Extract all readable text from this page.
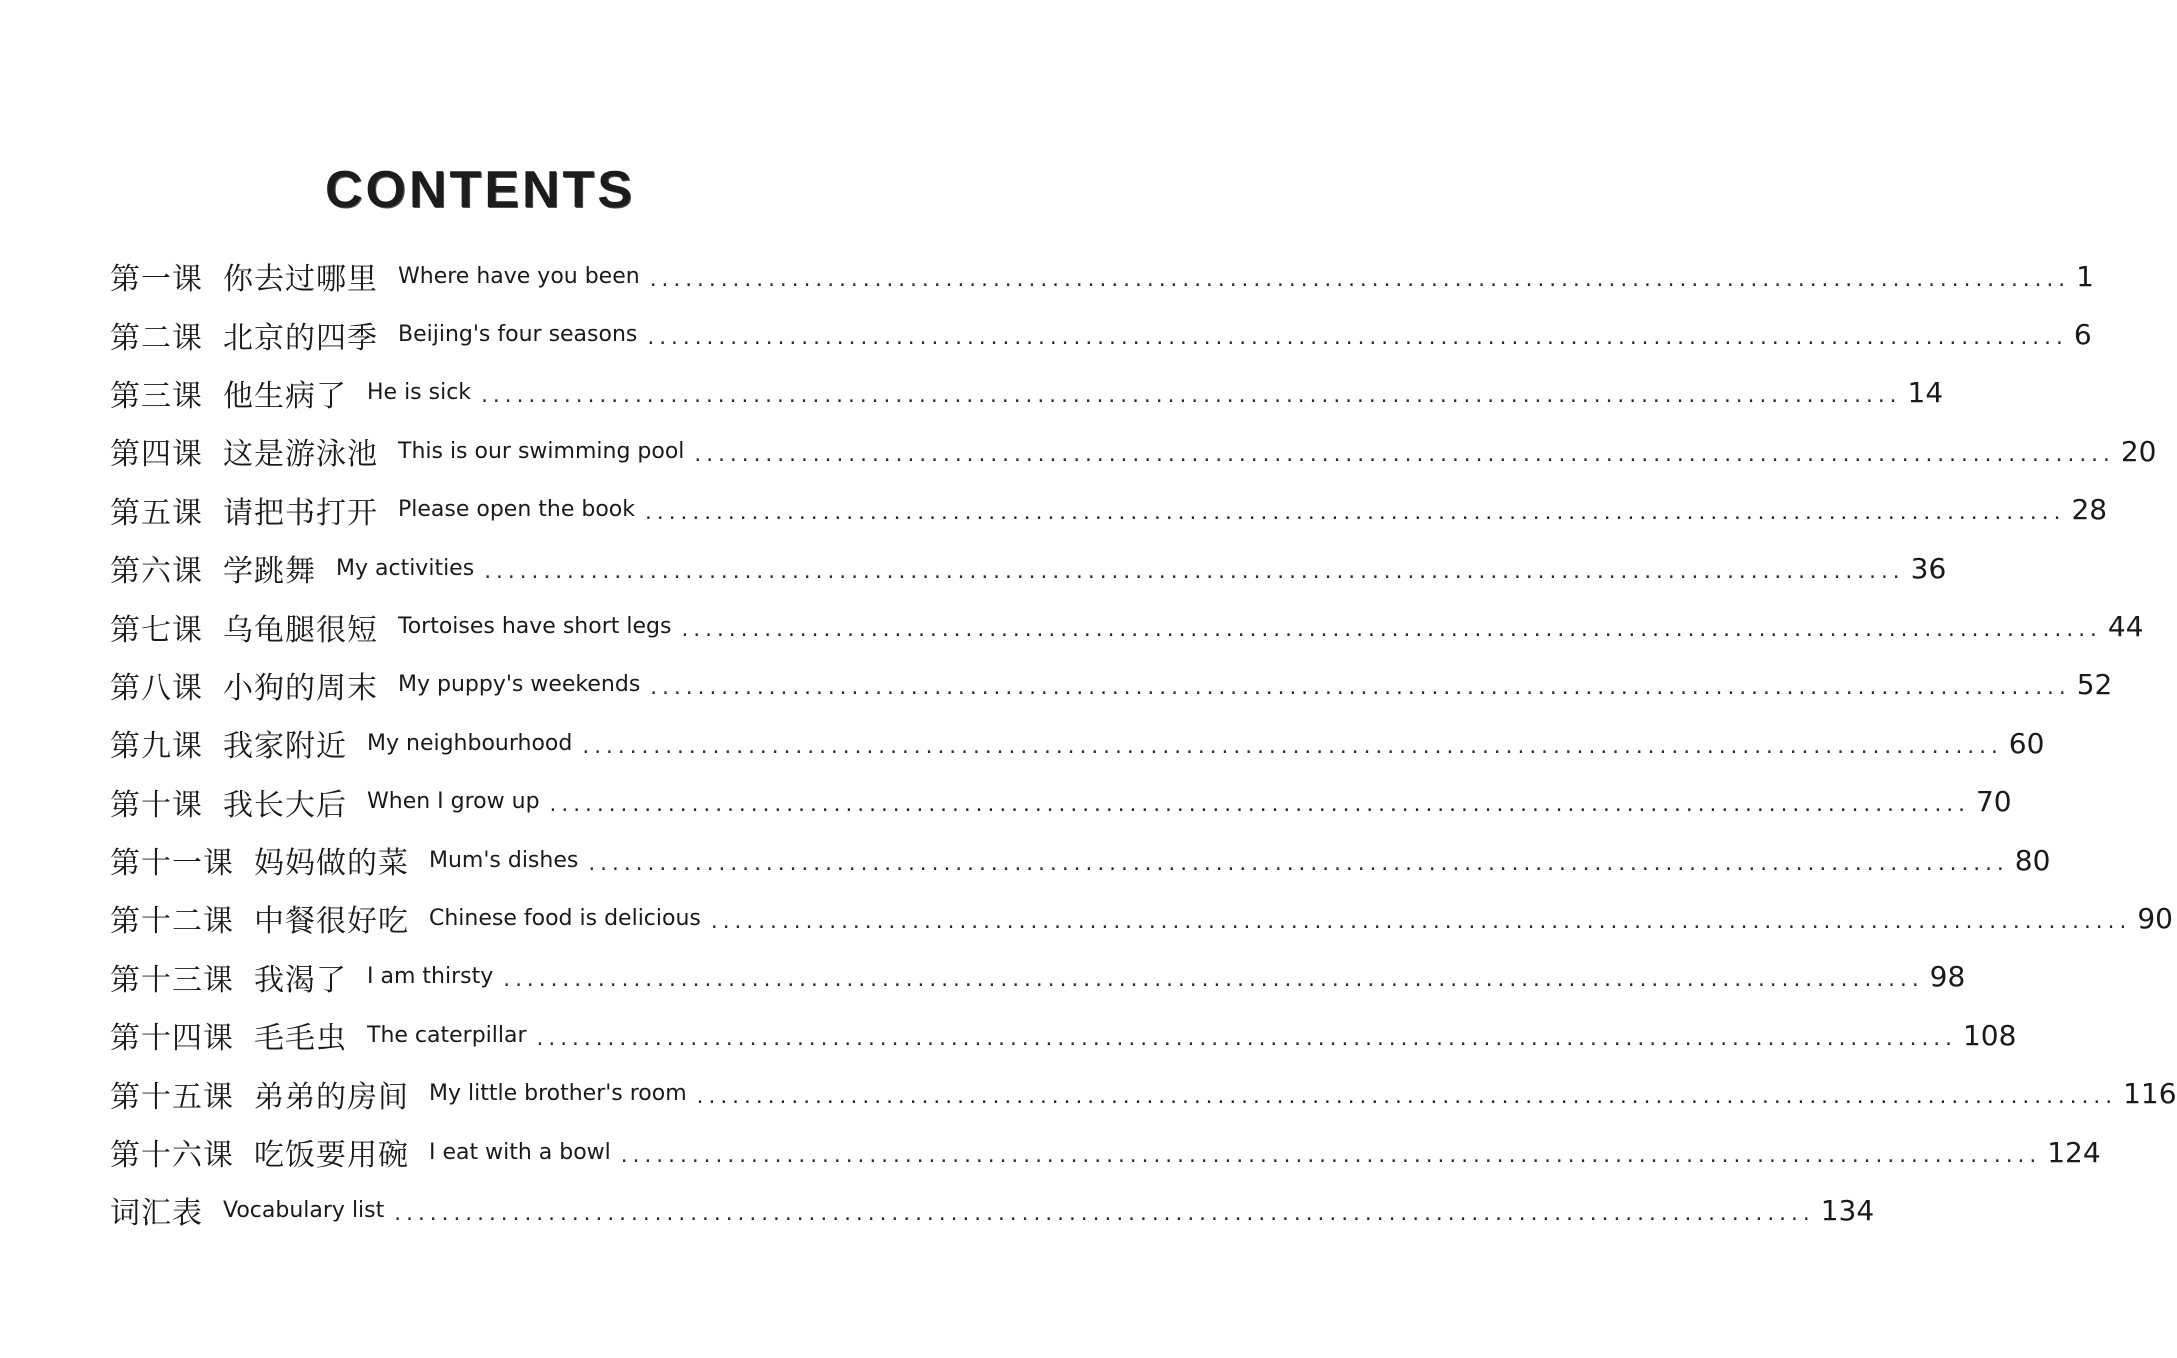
CONTENTS
第一课 你去过哪里 Where have you been ........................................................................................................................ 1
第二课 北京的四季 Beijing's four seasons ........................................................................................................................ 6
第三课 他生病了 He is sick ........................................................................................................................ 14
第四课 这是游泳池 This is our swimming pool ........................................................................................................................ 20
第五课 请把书打开 Please open the book ........................................................................................................................ 28
第六课 学跳舞 My activities ........................................................................................................................ 36
第七课 乌龟腿很短 Tortoises have short legs ........................................................................................................................ 44
第八课 小狗的周末 My puppy's weekends ........................................................................................................................ 52
第九课 我家附近 My neighbourhood ........................................................................................................................ 60
第十课 我长大后 When I grow up ........................................................................................................................ 70
第十一课 妈妈做的菜 Mum's dishes ........................................................................................................................ 80
第十二课 中餐很好吃 Chinese food is delicious ........................................................................................................................ 90
第十三课 我渴了 I am thirsty ........................................................................................................................ 98
第十四课 毛毛虫 The caterpillar ........................................................................................................................ 108
第十五课 弟弟的房间 My little brother's room ........................................................................................................................ 116
第十六课 吃饭要用碗 I eat with a bowl ........................................................................................................................ 124
词汇表 Vocabulary list ........................................................................................................................ 134
